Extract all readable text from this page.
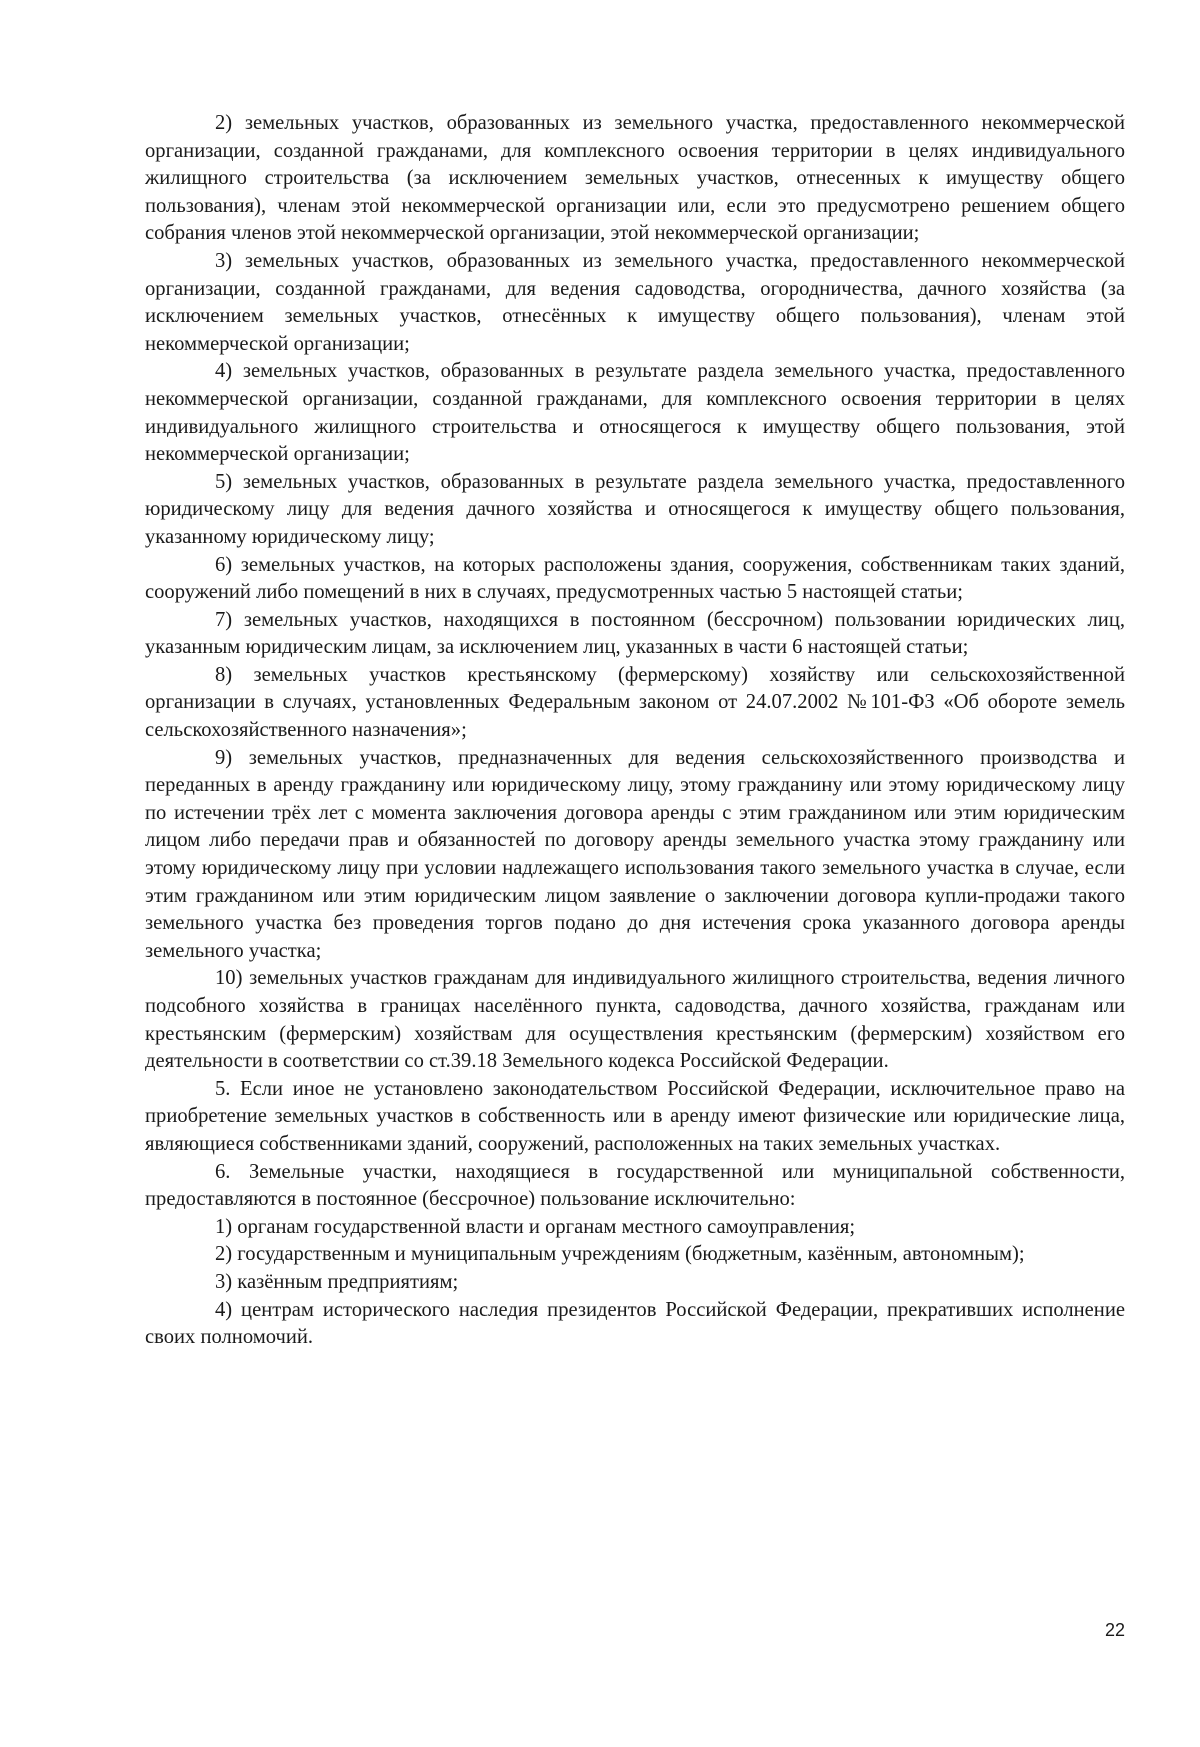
2) земельных участков, образованных из земельного участка, предоставленного некоммерческой организации, созданной гражданами, для комплексного освоения территории в целях индивидуального жилищного строительства (за исключением земельных участков, отнесенных к имуществу общего пользования), членам этой некоммерческой организации или, если это предусмотрено решением общего собрания членов этой некоммерческой организации, этой некоммерческой организации;

3) земельных участков, образованных из земельного участка, предоставленного некоммерческой организации, созданной гражданами, для ведения садоводства, огородничества, дачного хозяйства (за исключением земельных участков, отнесённых к имуществу общего пользования), членам этой некоммерческой организации;

4) земельных участков, образованных в результате раздела земельного участка, предоставленного некоммерческой организации, созданной гражданами, для комплексного освоения территории в целях индивидуального жилищного строительства и относящегося к имуществу общего пользования, этой некоммерческой организации;

5) земельных участков, образованных в результате раздела земельного участка, предоставленного юридическому лицу для ведения дачного хозяйства и относящегося к имуществу общего пользования, указанному юридическому лицу;

6) земельных участков, на которых расположены здания, сооружения, собственникам таких зданий, сооружений либо помещений в них в случаях, предусмотренных частью 5 настоящей статьи;

7) земельных участков, находящихся в постоянном (бессрочном) пользовании юридических лиц, указанным юридическим лицам, за исключением лиц, указанных в части 6 настоящей статьи;

8) земельных участков крестьянскому (фермерскому) хозяйству или сельскохозяйственной организации в случаях, установленных Федеральным законом от 24.07.2002 №101-ФЗ «Об обороте земель сельскохозяйственного назначения»;

9) земельных участков, предназначенных для ведения сельскохозяйственного производства и переданных в аренду гражданину или юридическому лицу, этому гражданину или этому юридическому лицу по истечении трёх лет с момента заключения договора аренды с этим гражданином или этим юридическим лицом либо передачи прав и обязанностей по договору аренды земельного участка этому гражданину или этому юридическому лицу при условии надлежащего использования такого земельного участка в случае, если этим гражданином или этим юридическим лицом заявление о заключении договора купли-продажи такого земельного участка без проведения торгов подано до дня истечения срока указанного договора аренды земельного участка;

10) земельных участков гражданам для индивидуального жилищного строительства, ведения личного подсобного хозяйства в границах населённого пункта, садоводства, дачного хозяйства, гражданам или крестьянским (фермерским) хозяйствам для осуществления крестьянским (фермерским) хозяйством его деятельности в соответствии со ст.39.18 Земельного кодекса Российской Федерации.

5. Если иное не установлено законодательством Российской Федерации, исключительное право на приобретение земельных участков в собственность или в аренду имеют физические или юридические лица, являющиеся собственниками зданий, сооружений, расположенных на таких земельных участках.

6. Земельные участки, находящиеся в государственной или муниципальной собственности, предоставляются в постоянное (бессрочное) пользование исключительно:

1) органам государственной власти и органам местного самоуправления;

2) государственным и муниципальным учреждениям (бюджетным, казённым, автономным);

3) казённым предприятиям;

4) центрам исторического наследия президентов Российской Федерации, прекративших исполнение своих полномочий.

22
